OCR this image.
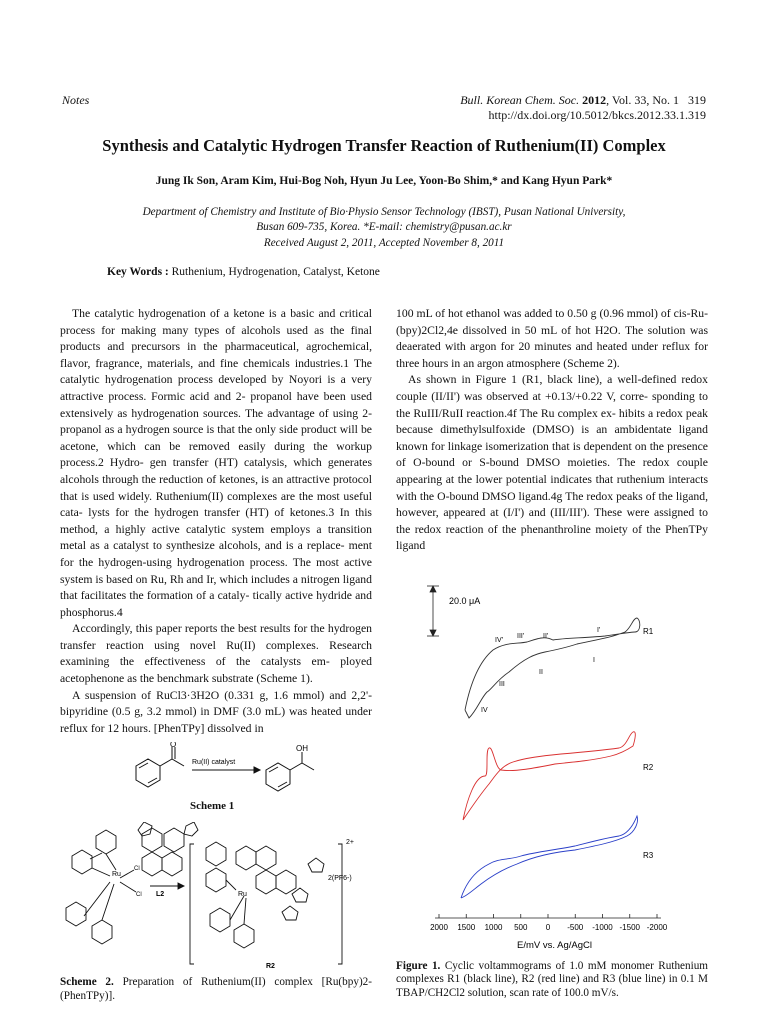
Notes	Bull. Korean Chem. Soc. 2012, Vol. 33, No. 1 319
http://dx.doi.org/10.5012/bkcs.2012.33.1.319
Synthesis and Catalytic Hydrogen Transfer Reaction of Ruthenium(II) Complex
Jung Ik Son, Aram Kim, Hui-Bog Noh, Hyun Ju Lee, Yoon-Bo Shim,* and Kang Hyun Park*
Department of Chemistry and Institute of Bio·Physio Sensor Technology (IBST), Pusan National University,
Busan 609-735, Korea. *E-mail: chemistry@pusan.ac.kr
Received August 2, 2011, Accepted November 8, 2011
Key Words : Ruthenium, Hydrogenation, Catalyst, Ketone
The catalytic hydrogenation of a ketone is a basic and critical process for making many types of alcohols used as the final products and precursors in the pharmaceutical, agrochemical, flavor, fragrance, materials, and fine chemicals industries.1 The catalytic hydrogenation process developed by Noyori is a very attractive process. Formic acid and 2- propanol have been used extensively as hydrogenation sources. The advantage of using 2-propanol as a hydrogen source is that the only side product will be acetone, which can be removed easily during the workup process.2 Hydro- gen transfer (HT) catalysis, which generates alcohols through the reduction of ketones, is an attractive protocol that is used widely. Ruthenium(II) complexes are the most useful cata- lysts for the hydrogen transfer (HT) of ketones.3 In this method, a highly active catalytic system employs a transition metal as a catalyst to synthesize alcohols, and is a replace- ment for the hydrogen-using hydrogenation process. The most active system is based on Ru, Rh and Ir, which includes a nitrogen ligand that facilitates the formation of a cataly- tically active hydride and phosphorus.4
Accordingly, this paper reports the best results for the hydrogen transfer reaction using novel Ru(II) complexes. Research examining the effectiveness of the catalysts em- ployed acetophenone as the benchmark substrate (Scheme 1).
A suspension of RuCl3·3H2O (0.331 g, 1.6 mmol) and 2,2'-bipyridine (0.5 g, 3.2 mmol) in DMF (3.0 mL) was heated under reflux for 12 hours. [PhenTPy] dissolved in
100 mL of hot ethanol was added to 0.50 g (0.96 mmol) of cis-Ru-(bpy)2Cl2,4e dissolved in 50 mL of hot H2O. The solution was deaerated with argon for 20 minutes and heated under reflux for three hours in an argon atmosphere (Scheme 2).
As shown in Figure 1 (R1, black line), a well-defined redox couple (II/II') was observed at +0.13/+0.22 V, corre- sponding to the RuIII/RuII reaction.4f The Ru complex ex- hibits a redox peak because dimethylsulfoxide (DMSO) is an ambidentate ligand known for linkage isomerization that is dependent on the presence of O-bound or S-bound DMSO moieties. The redox couple appearing at the lower potential indicates that ruthenium interacts with the O-bound DMSO ligand.4g The redox peaks of the ligand, however, appeared at (I/I') and (III/III'). These were assigned to the redox reaction of the phenanthroline moiety of the PhenTPy ligand
O	OH
Ru(II) catalyst
Scheme 1
Ru
Cl
Cl	Ru
L2
2+
2(PF6-)
R2
Scheme 2. Preparation of Ruthenium(II) complex [Ru(bpy)2-(PhenTPy)].
20.0 μA
IV'
III'	II'
I'
I
II
III
IV
R1
R2
R3
2000 1500 1000 500 0 -500 -1000 -1500 -2000
E/mV vs. Ag/AgCl
Figure 1. Cyclic voltammograms of 1.0 mM monomer Ruthenium complexes R1 (black line), R2 (red line) and R3 (blue line) in 0.1 M TBAP/CH2Cl2 solution, scan rate of 100.0 mV/s.
